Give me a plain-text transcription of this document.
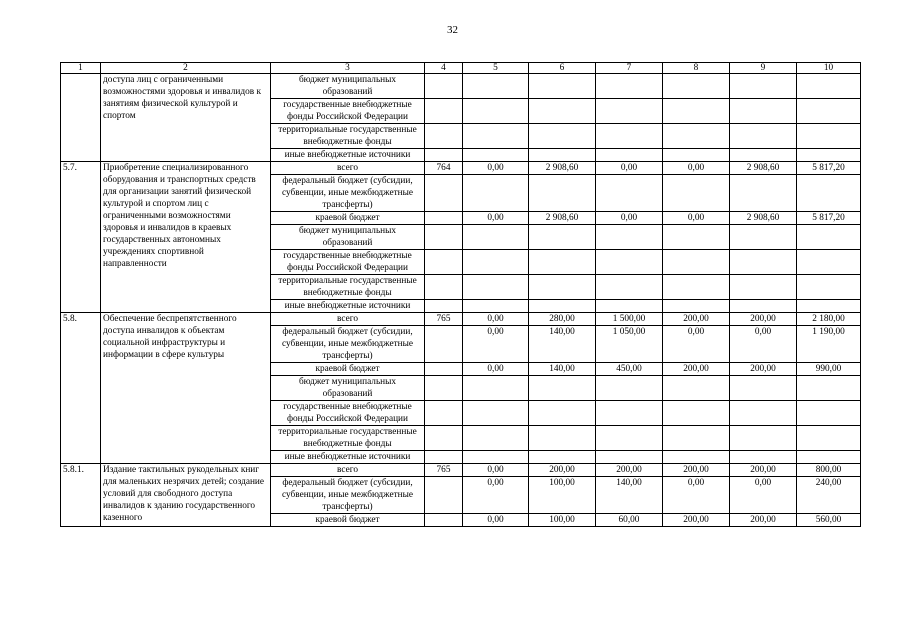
32
1	2	3	4	5	6	7	8	9	10
	доступа лиц с ограниченными возможностями здоровья и инвалидов к занятиям физической культурой и спортом	бюджет муниципальных образований							
		государственные внебюджетные фонды Российской Федерации							
		территориальные государственные внебюджетные фонды							
		иные внебюджетные источники							
5.7.	Приобретение специализированного оборудования и транспортных средств для организации занятий физической культурой и спортом лиц с ограниченными возможностями здоровья и инвалидов в краевых государственных автономных учреждениях спортивной направленности	всего	764	0,00	2 908,60	0,00	0,00	2 908,60	5 817,20
		федеральный бюджет (субсидии, субвенции, иные межбюджетные трансферты)							
		краевой бюджет		0,00	2 908,60	0,00	0,00	2 908,60	5 817,20
		бюджет муниципальных образований							
		государственные внебюджетные фонды Российской Федерации							
		территориальные государственные внебюджетные фонды							
		иные внебюджетные источники							
5.8.	Обеспечение беспрепятственного доступа инвалидов к объектам социальной инфраструктуры и информации в сфере культуры	всего	765	0,00	280,00	1 500,00	200,00	200,00	2 180,00
		федеральный бюджет (субсидии, субвенции, иные межбюджетные трансферты)		0,00	140,00	1 050,00	0,00	0,00	1 190,00
		краевой бюджет		0,00	140,00	450,00	200,00	200,00	990,00
		бюджет муниципальных образований							
		государственные внебюджетные фонды Российской Федерации							
		территориальные государственные внебюджетные фонды							
		иные внебюджетные источники							
5.8.1.	Издание тактильных рукодельных книг для маленьких незрячих детей; создание условий для свободного доступа инвалидов к зданию государственного казенного	всего	765	0,00	200,00	200,00	200,00	200,00	800,00
		федеральный бюджет (субсидии, субвенции, иные межбюджетные трансферты)		0,00	100,00	140,00	0,00	0,00	240,00
		краевой бюджет		0,00	100,00	60,00	200,00	200,00	560,00
